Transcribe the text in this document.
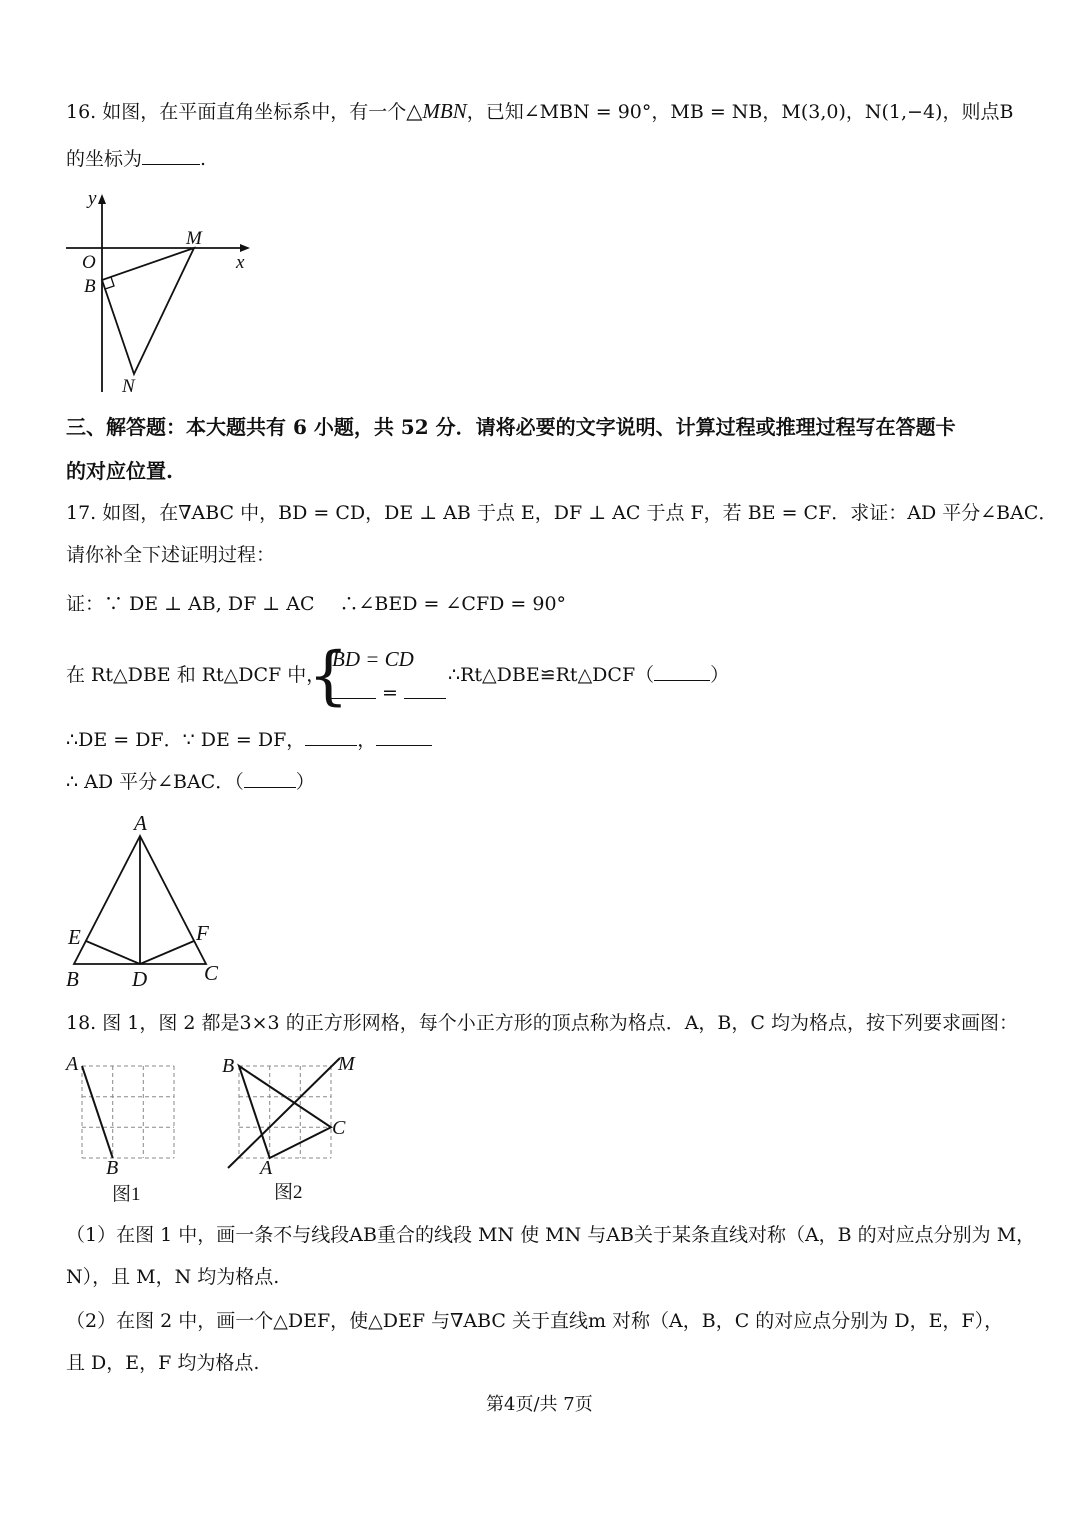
16. 如图，在平面直角坐标系中，有一个△MBN，已知∠MBN = 90°，MB = NB，M(3,0)，N(1,−4)，则点B
的坐标为	.
y
x
O
M
B
N
三、解答题：本大题共有 6 小题，共 52 分．请将必要的文字说明、计算过程或推理过程写在答题卡
的对应位置.
17. 如图，在∇ABC 中，BD = CD，DE ⊥ AB 于点 E，DF ⊥ AC 于点 F，若 BE = CF．求证：AD 平分∠BAC．
请你补全下述证明过程：
证：∵ DE ⊥ AB, DF ⊥ AC　 ∴∠BED = ∠CFD = 90°
在 Rt△DBE 和 Rt△DCF 中，
{
BD = CD
=
∴Rt△DBE≌Rt△DCF（	）
∴DE = DF．∵ DE = DF，	，
∴ AD 平分∠BAC．（	）
A
E	F
B	D	C
18. 图 1，图 2 都是3×3 的正方形网格，每个小正方形的顶点称为格点．A，B，C 均为格点，按下列要求画图：
A
B
图1
B	M
C
A
图2
（1）在图 1 中，画一条不与线段AB重合的线段 MN 使 MN 与AB关于某条直线对称（A，B 的对应点分别为 M，
N），且 M，N 均为格点.
（2）在图 2 中，画一个△DEF，使△DEF 与∇ABC 关于直线m 对称（A，B，C 的对应点分别为 D，E，F），
且 D，E，F 均为格点.
第4页/共 7页
